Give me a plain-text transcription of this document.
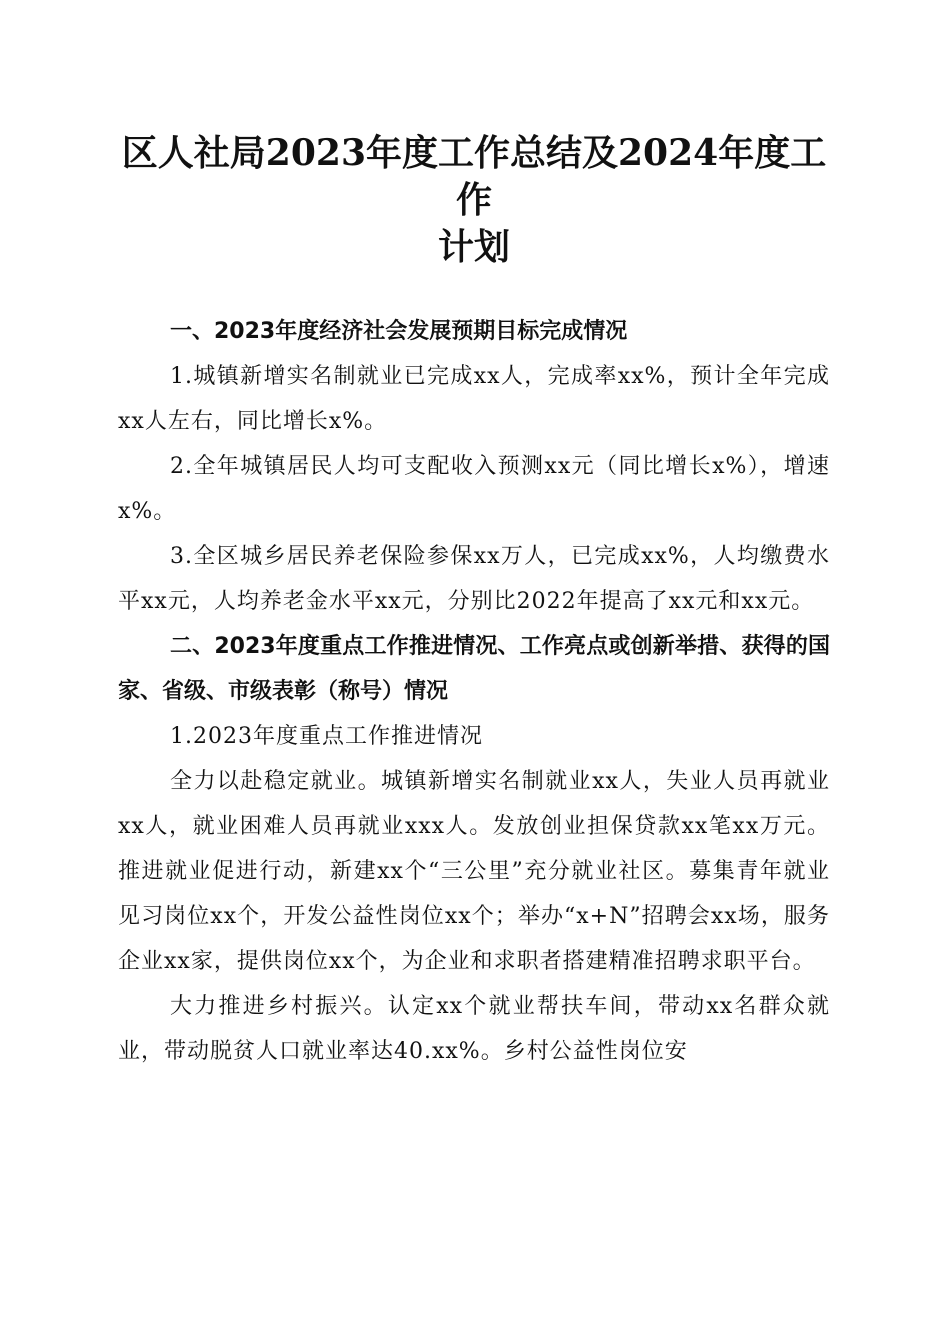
区人社局2023年度工作总结及2024年度工作
计划
一、2023年度经济社会发展预期目标完成情况

1.城镇新增实名制就业已完成xx人，完成率xx%，预计全年完成xx人左右，同比增长x%。

2.全年城镇居民人均可支配收入预测xx元（同比增长x%），增速x%。

3.全区城乡居民养老保险参保xx万人，已完成xx%，人均缴费水平xx元，人均养老金水平xx元，分别比2022年提高了xx元和xx元。

二、2023年度重点工作推进情况、工作亮点或创新举措、获得的国家、省级、市级表彰（称号）情况

1.2023年度重点工作推进情况

全力以赴稳定就业。城镇新增实名制就业xx人，失业人员再就业xx人，就业困难人员再就业xxx人。发放创业担保贷款xx笔xx万元。推进就业促进行动，新建xx个“三公里”充分就业社区。募集青年就业见习岗位xx个，开发公益性岗位xx个；举办“x+N”招聘会xx场，服务企业xx家，提供岗位xx个，为企业和求职者搭建精准招聘求职平台。

大力推进乡村振兴。认定xx个就业帮扶车间，带动xx名群众就业，带动脱贫人口就业率达40.xx%。乡村公益性岗位安
